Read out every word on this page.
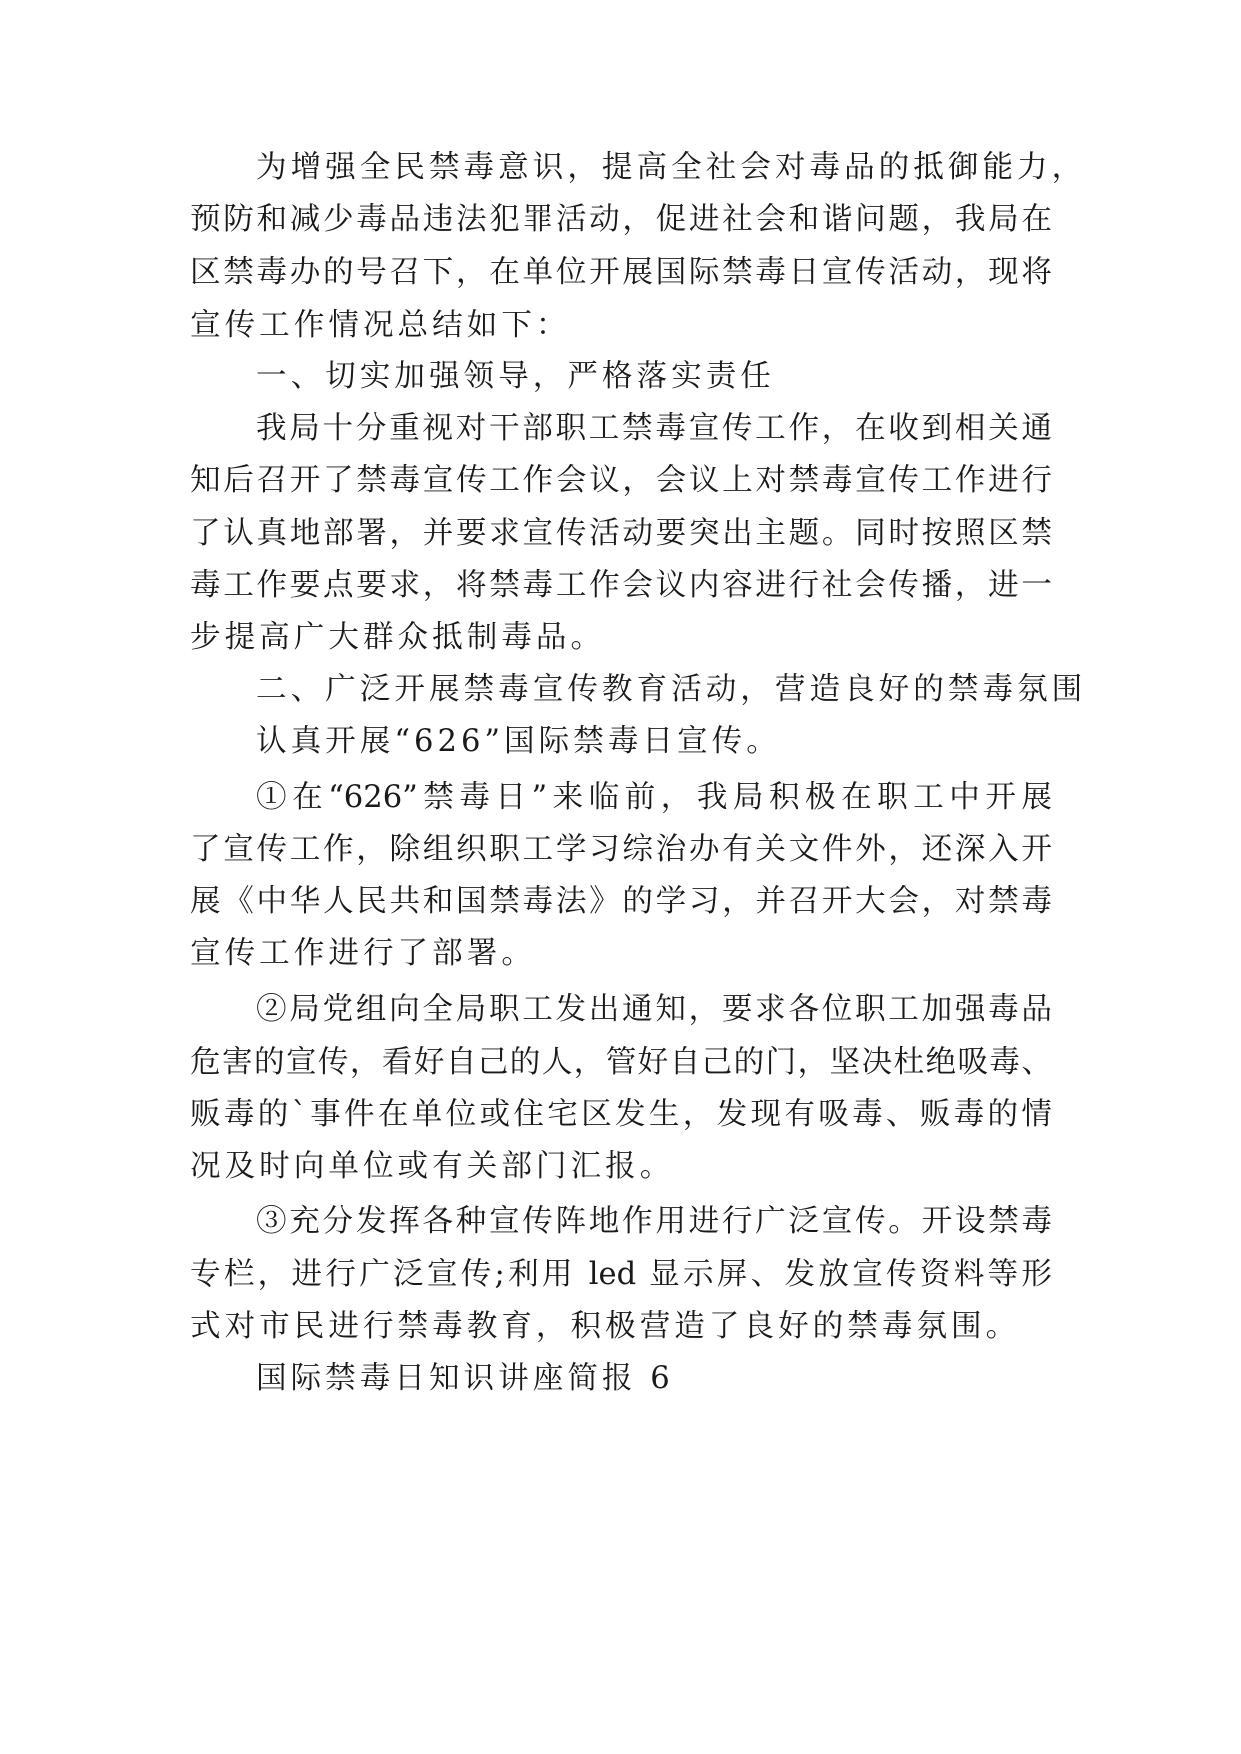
为增强全民禁毒意识，提高全社会对毒品的抵御能力，
预防和减少毒品违法犯罪活动，促进社会和谐问题，我局在
区禁毒办的号召下，在单位开展国际禁毒日宣传活动，现将
宣传工作情况总结如下：
一、切实加强领导，严格落实责任
我局十分重视对干部职工禁毒宣传工作，在收到相关通
知后召开了禁毒宣传工作会议，会议上对禁毒宣传工作进行
了认真地部署，并要求宣传活动要突出主题。同时按照区禁
毒工作要点要求，将禁毒工作会议内容进行社会传播，进一
步提高广大群众抵制毒品。
二、广泛开展禁毒宣传教育活动，营造良好的禁毒氛围
认真开展“626”国际禁毒日宣传。
①在“626”禁毒日”来临前，我局积极在职工中开展
了宣传工作，除组织职工学习综治办有关文件外，还深入开
展《中华人民共和国禁毒法》的学习，并召开大会，对禁毒
宣传工作进行了部署。
②局党组向全局职工发出通知，要求各位职工加强毒品
危害的宣传，看好自己的人，管好自己的门，坚决杜绝吸毒、
贩毒的`事件在单位或住宅区发生，发现有吸毒、贩毒的情
况及时向单位或有关部门汇报。
③充分发挥各种宣传阵地作用进行广泛宣传。开设禁毒
专栏，进行广泛宣传;利用 led 显示屏、发放宣传资料等形
式对市民进行禁毒教育，积极营造了良好的禁毒氛围。
国际禁毒日知识讲座简报 6
